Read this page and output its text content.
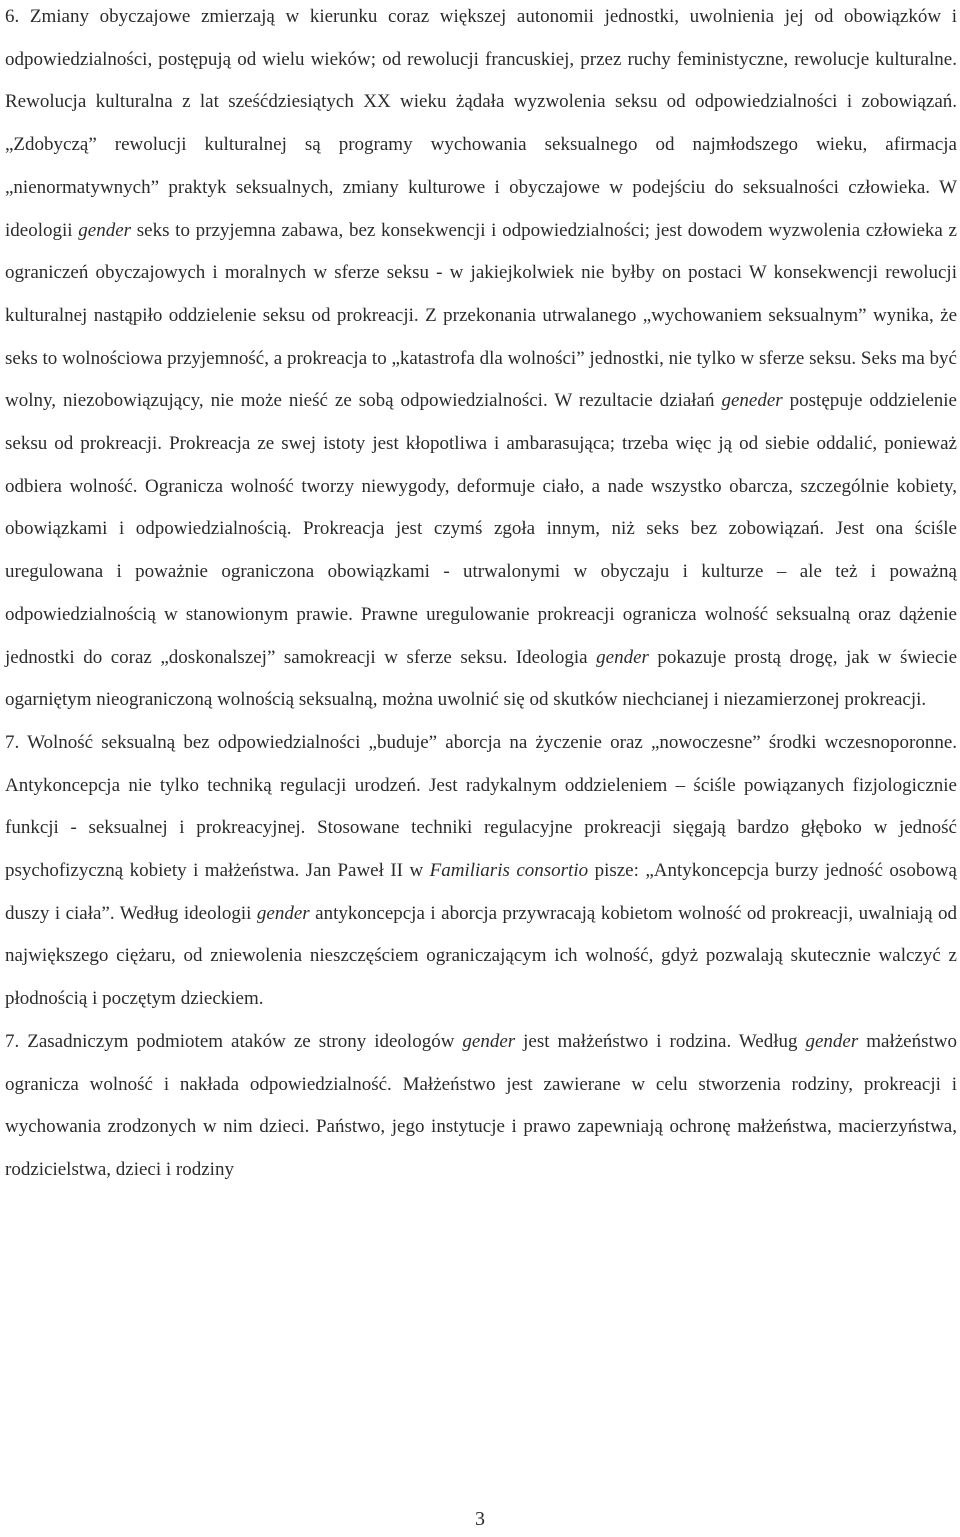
6. Zmiany obyczajowe zmierzają w kierunku coraz większej autonomii jednostki, uwolnienia jej od obowiązków i odpowiedzialności, postępują od wielu wieków; od rewolucji francuskiej, przez ruchy feministyczne, rewolucje kulturalne. Rewolucja kulturalna z lat sześćdziesiątych XX wieku żądała wyzwolenia seksu od odpowiedzialności i zobowiązań. „Zdobyczą” rewolucji kulturalnej są programy wychowania seksualnego od najmłodszego wieku, afirmacja „nienormatywnych” praktyk seksualnych, zmiany kulturowe i obyczajowe w podejściu do seksualności człowieka. W ideologii gender seks to przyjemna zabawa, bez konsekwencji i odpowiedzialności; jest dowodem wyzwolenia człowieka z ograniczeń obyczajowych i moralnych w sferze seksu - w jakiejkolwiek nie byłby on postaci W konsekwencji rewolucji kulturalnej nastąpiło oddzielenie seksu od prokreacji. Z przekonania utrwalanego „wychowaniem seksualnym” wynika, że seks to wolnościowa przyjemność, a prokreacja to „katastrofa dla wolności” jednostki, nie tylko w sferze seksu. Seks ma być wolny, niezobowiązujący, nie może nieść ze sobą odpowiedzialności. W rezultacie działań geneder postępuje oddzielenie seksu od prokreacji. Prokreacja ze swej istoty jest kłopotliwa i ambarasująca; trzeba więc ją od siebie oddalić, ponieważ odbiera wolność. Ogranicza wolność tworzy niewygody, deformuje ciało, a nade wszystko obarcza, szczególnie kobiety, obowiązkami i odpowiedzialnością. Prokreacja jest czymś zgoła innym, niż seks bez zobowiązań. Jest ona ściśle uregulowana i poważnie ograniczona obowiązkami - utrwalonymi w obyczaju i kulturze – ale też i poważną odpowiedzialnością w stanowionym prawie. Prawne uregulowanie prokreacji ogranicza wolność seksualną oraz dążenie jednostki do coraz „doskonalszej” samokreacji w sferze seksu. Ideologia gender pokazuje prostą drogę, jak w świecie ogarniętym nieograniczoną wolnością seksualną, można uwolnić się od skutków niechcianej i niezamierzonej prokreacji.

7. Wolność seksualną bez odpowiedzialności „buduje” aborcja na życzenie oraz „nowoczesne” środki wczesnoporonne. Antykoncepcja nie tylko techniką regulacji urodzeń. Jest radykalnym oddzieleniem – ściśle powiązanych fizjologicznie funkcji - seksualnej i prokreacyjnej. Stosowane techniki regulacyjne prokreacji sięgają bardzo głęboko w jedność psychofizyczną kobiety i małżeństwa. Jan Paweł II w Familiaris consortio pisze: „Antykoncepcja burzy jedność osobową duszy i ciała”. Według ideologii gender antykoncepcja i aborcja przywracają kobietom wolność od prokreacji, uwalniają od największego ciężaru, od zniewolenia nieszczęściem ograniczającym ich wolność, gdyż pozwalają skutecznie walczyć z płodnością i poczętym dzieckiem.

7. Zasadniczym podmiotem ataków ze strony ideologów gender jest małżeństwo i rodzina. Według gender małżeństwo ogranicza wolność i nakłada odpowiedzialność. Małżeństwo jest zawierane w celu stworzenia rodziny, prokreacji i wychowania zrodzonych w nim dzieci. Państwo, jego instytucje i prawo zapewniają ochronę małżeństwa, macierzyństwa, rodzicielstwa, dzieci i rodziny

3
